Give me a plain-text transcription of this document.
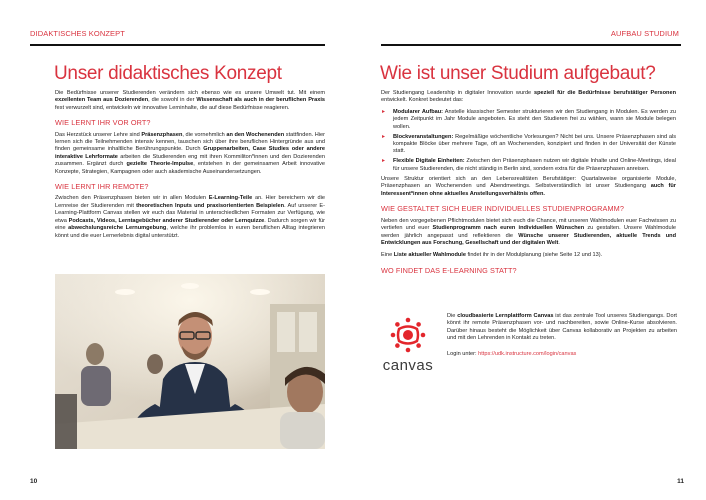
DIDAKTISCHES KONZEPT
Unser didaktisches Konzept

Die Bedürfnisse unserer Studierenden verändern sich ebenso wie es unsere Umwelt tut. Mit einem exzellenten Team aus Dozierenden, die sowohl in der Wissenschaft als auch in der beruflichen Praxis fest verwurzelt sind, entwickeln wir innovative Lerninhalte, die auf diese Bedürfnisse reagieren.

WIE LERNT IHR VOR ORT?

Das Herzstück unserer Lehre sind Präsenzphasen, die vornehmlich an den Wochenenden stattfinden. Hier lernen sich die Teilnehmenden intensiv kennen, tauschen sich über ihre beruflichen Hintergründe aus und finden gemeinsame inhaltliche Berührungspunkte. Durch Gruppenarbeiten, Case Studies oder andere interaktive Lehrformate arbeiten die Studierenden eng mit ihren Kommiliton*innen und den Dozierenden zusammen. Ergänzt durch gezielte Theorie-Impulse, entstehen in der gemeinsamen Arbeit innovative Konzepte, Strategien, Kampagnen oder auch akademische Auseinandersetzungen.

WIE LERNT IHR REMOTE?

Zwischen den Präsenzphasen bieten wir in allen Modulen E-Learning-Teile an. Hier bereichern wir die Lernreise der Studierenden mit theoretischen Inputs und praxisorientierten Beispielen. Auf unserer E-Learning-Plattform Canvas stellen wir euch das Material in unterschiedlichen Formaten zur Verfügung, wie etwa Podcasts, Videos, Lerntagebücher anderer Studierender oder Lernquizze. Dadurch sorgen wir für eine abwechslungsreiche Lernumgebung, welche ihr problemlos in euren beruflichen Alltag integrieren könnt und die euer Lernerlebnis digital unterstützt.

10
AUFBAU STUDIUM
Wie ist unser Studium aufgebaut?

Der Studiengang Leadership in digitaler Innovation wurde speziell für die Bedürfnisse berufstätiger Personen entwickelt. Konkret bedeutet das:

▸ Modularer Aufbau: Anstelle klassischer Semester strukturieren wir den Studiengang in Modulen. Es werden zu jedem Zeitpunkt im Jahr Module angeboten. Es steht den Studieren frei zu wählen, wann sie Module belegen wollen.
▸ Blockveranstaltungen: Regelmäßige wöchentliche Vorlesungen? Nicht bei uns. Unsere Präsenzphasen sind als kompakte Blöcke über mehrere Tage, oft an Wochenenden, konzipiert und finden in der Universität der Künste statt.
▸ Flexible Digitale Einheiten: Zwischen den Präsenzphasen nutzen wir digitale Inhalte und Online-Meetings, ideal für unsere Studierenden, die nicht ständig in Berlin sind, sondern extra für die Präsenzphasen anreisen.

Unsere Struktur orientiert sich an den Lebensrealitäten Berufstätiger: Quartalsweise organisierte Module, Präsenzphasen an Wochenenden und Abendmeetings. Selbstverständlich ist unser Studiengang auch für Interessent*innen ohne aktuelles Anstellungsverhältnis offen.

WIE GESTALTET SICH EUER INDIVIDUELLES STUDIENPROGRAMM?

Neben den vorgegebenen Pflichtmodulen bietet sich euch die Chance, mit unseren Wahlmodulen euer Fachwissen zu vertiefen und euer Studienprogramm nach euren individuellen Wünschen zu gestalten. Unsere Wahlmodule werden jährlich angepasst und reflektieren die Wünsche unserer Studierenden, aktuelle Trends und Entwicklungen aus Forschung, Gesellschaft und der digitalen Welt.

Eine Liste aktueller Wahlmodule findet ihr in der Modulplanung (siehe Seite 12 und 13).

WO FINDET DAS E-LEARNING STATT?
canvas

Die cloudbasierte Lernplattform Canvas ist das zentrale Tool unseres Studiengangs. Dort könnt ihr remote Präsenzphasen vor- und nachbereiten, sowie Online-Kurse absolvieren. Darüber hinaus besteht die Möglichkeit über Canvas kollaborativ an Projekten zu arbeiten und mit den Lehrenden in Kontakt zu treten.

Login unter: https://udk.instructure.com/login/canvas

11
